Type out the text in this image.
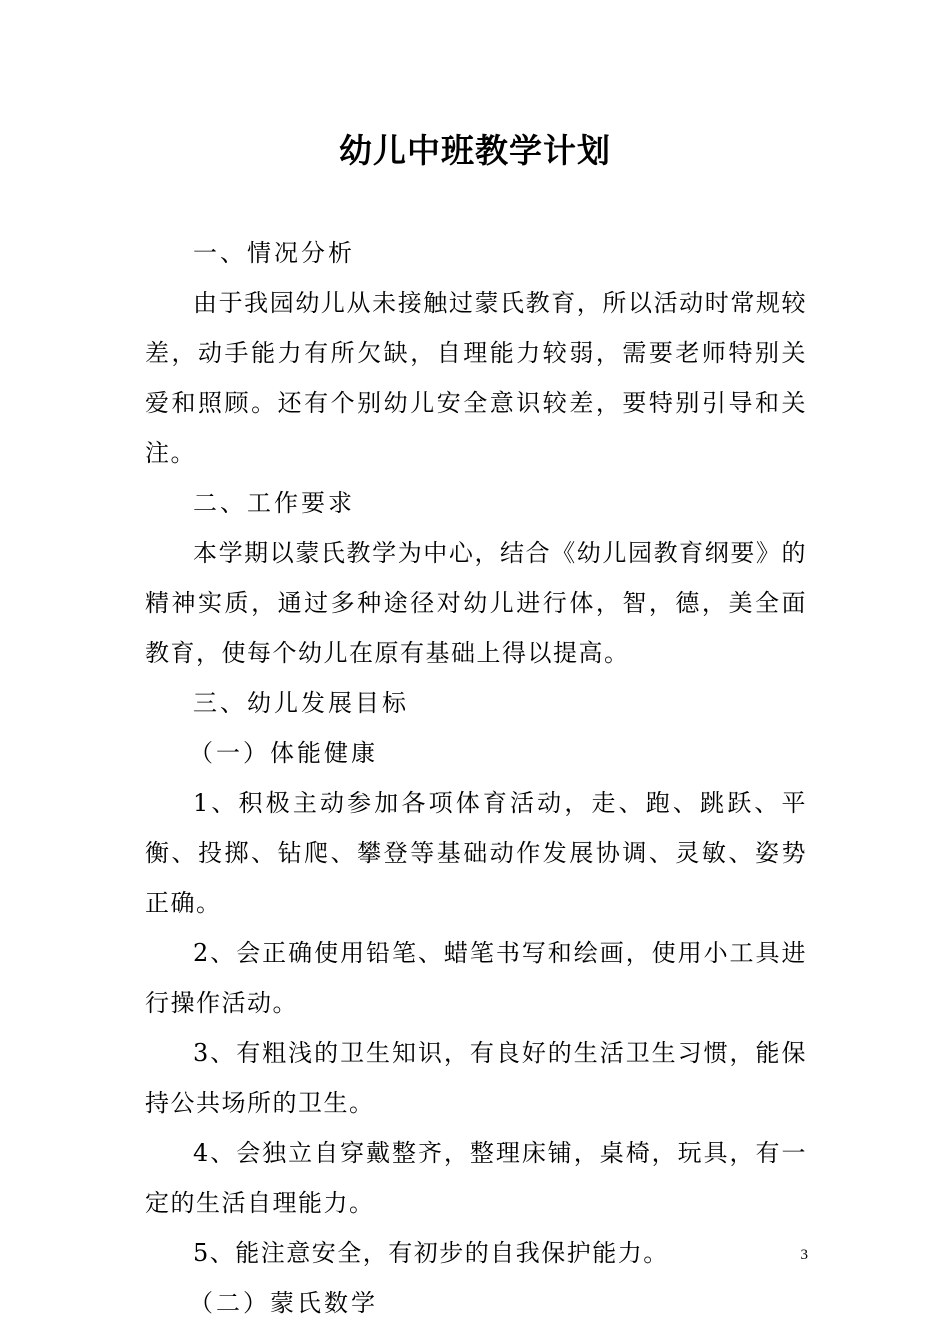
幼儿中班教学计划

一、情况分析

由于我园幼儿从未接触过蒙氏教育，所以活动时常规较差，动手能力有所欠缺，自理能力较弱，需要老师特别关爱和照顾。还有个别幼儿安全意识较差，要特别引导和关注。

二、工作要求

本学期以蒙氏教学为中心，结合《幼儿园教育纲要》的精神实质，通过多种途径对幼儿进行体，智，德，美全面教育，使每个幼儿在原有基础上得以提高。

三、幼儿发展目标

（一）体能健康

1、积极主动参加各项体育活动，走、跑、跳跃、平衡、投掷、钻爬、攀登等基础动作发展协调、灵敏、姿势正确。

2、会正确使用铅笔、蜡笔书写和绘画，使用小工具进行操作活动。

3、有粗浅的卫生知识，有良好的生活卫生习惯，能保持公共场所的卫生。

4、会独立自穿戴整齐，整理床铺，桌椅，玩具，有一定的生活自理能力。

5、能注意安全，有初步的自我保护能力。

（二）蒙氏数学

3
